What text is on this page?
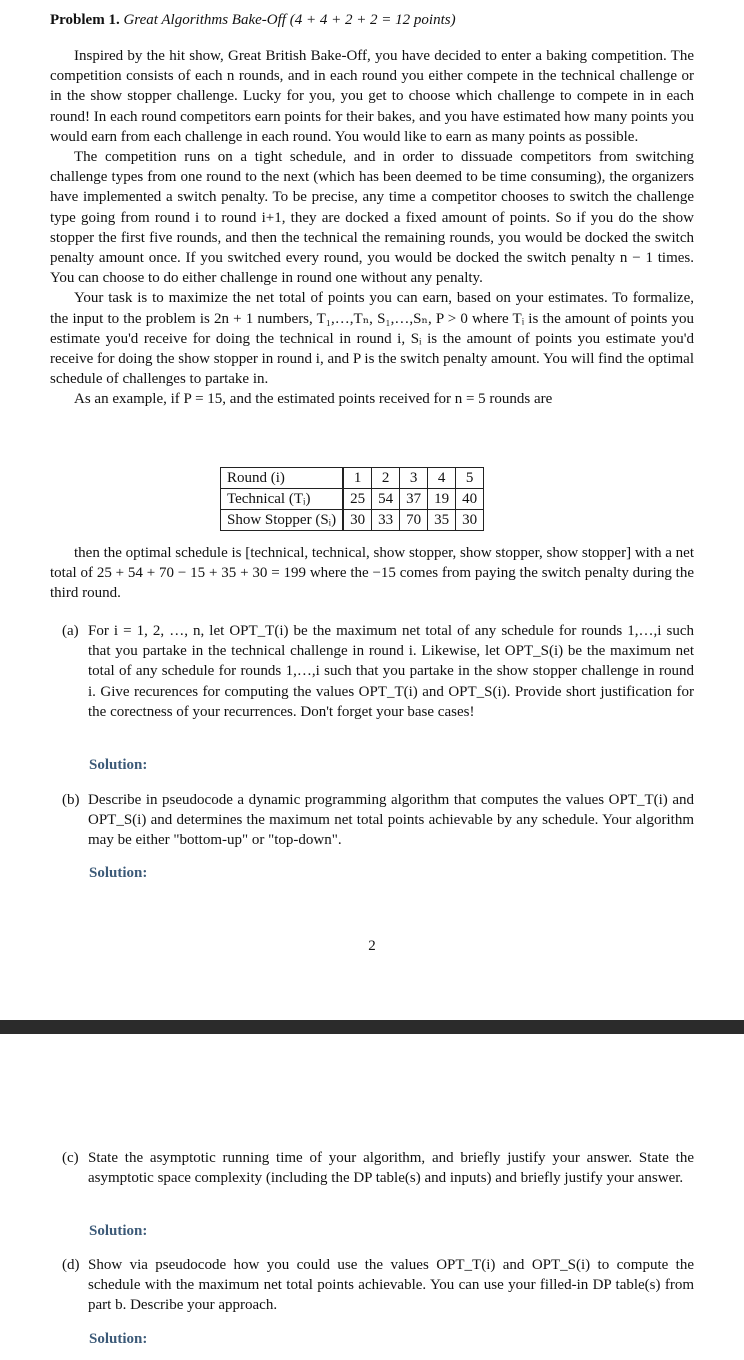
Problem 1. Great Algorithms Bake-Off (4 + 4 + 2 + 2 = 12 points)

Inspired by the hit show, Great British Bake-Off, you have decided to enter a baking competition. The competition consists of each n rounds, and in each round you either compete in the technical challenge or in the show stopper challenge. Lucky for you, you get to choose which challenge to compete in in each round! In each round competitors earn points for their bakes, and you have estimated how many points you would earn from each challenge in each round. You would like to earn as many points as possible.

The competition runs on a tight schedule, and in order to dissuade competitors from switching challenge types from one round to the next (which has been deemed to be time consuming), the organizers have implemented a switch penalty. To be precise, any time a competitor chooses to switch the challenge type going from round i to round i+1, they are docked a fixed amount of points. So if you do the show stopper the first five rounds, and then the technical the remaining rounds, you would be docked the switch penalty amount once. If you switched every round, you would be docked the switch penalty n − 1 times. You can choose to do either challenge in round one without any penalty.

Your task is to maximize the net total of points you can earn, based on your estimates. To formalize, the input to the problem is 2n + 1 numbers, T₁,…,Tₙ, S₁,…,Sₙ, P > 0 where Tᵢ is the amount of points you estimate you'd receive for doing the technical in round i, Sᵢ is the amount of points you estimate you'd receive for doing the show stopper in round i, and P is the switch penalty amount. You will find the optimal schedule of challenges to partake in.

As an example, if P = 15, and the estimated points received for n = 5 rounds are

Round (i)	1	2	3	4	5
Technical (Tᵢ)	25	54	37	19	40
Show Stopper (Sᵢ)	30	33	70	35	30

then the optimal schedule is [technical, technical, show stopper, show stopper, show stopper] with a net total of 25 + 54 + 70 − 15 + 35 + 30 = 199 where the −15 comes from paying the switch penalty during the third round.

(a) For i = 1, 2, …, n, let OPT_T(i) be the maximum net total of any schedule for rounds 1,…,i such that you partake in the technical challenge in round i. Likewise, let OPT_S(i) be the maximum net total of any schedule for rounds 1,…,i such that you partake in the show stopper challenge in round i. Give recurences for computing the values OPT_T(i) and OPT_S(i). Provide short justification for the corectness of your recurrences. Don't forget your base cases!
Solution:
(b) Describe in pseudocode a dynamic programming algorithm that computes the values OPT_T(i) and OPT_S(i) and determines the maximum net total points achievable by any schedule. Your algorithm may be either "bottom-up" or "top-down".
Solution:
2
(c) State the asymptotic running time of your algorithm, and briefly justify your answer. State the asymptotic space complexity (including the DP table(s) and inputs) and briefly justify your answer.
Solution:
(d) Show via pseudocode how you could use the values OPT_T(i) and OPT_S(i) to compute the schedule with the maximum net total points achievable. You can use your filled-in DP table(s) from part b. Describe your approach.
Solution:
